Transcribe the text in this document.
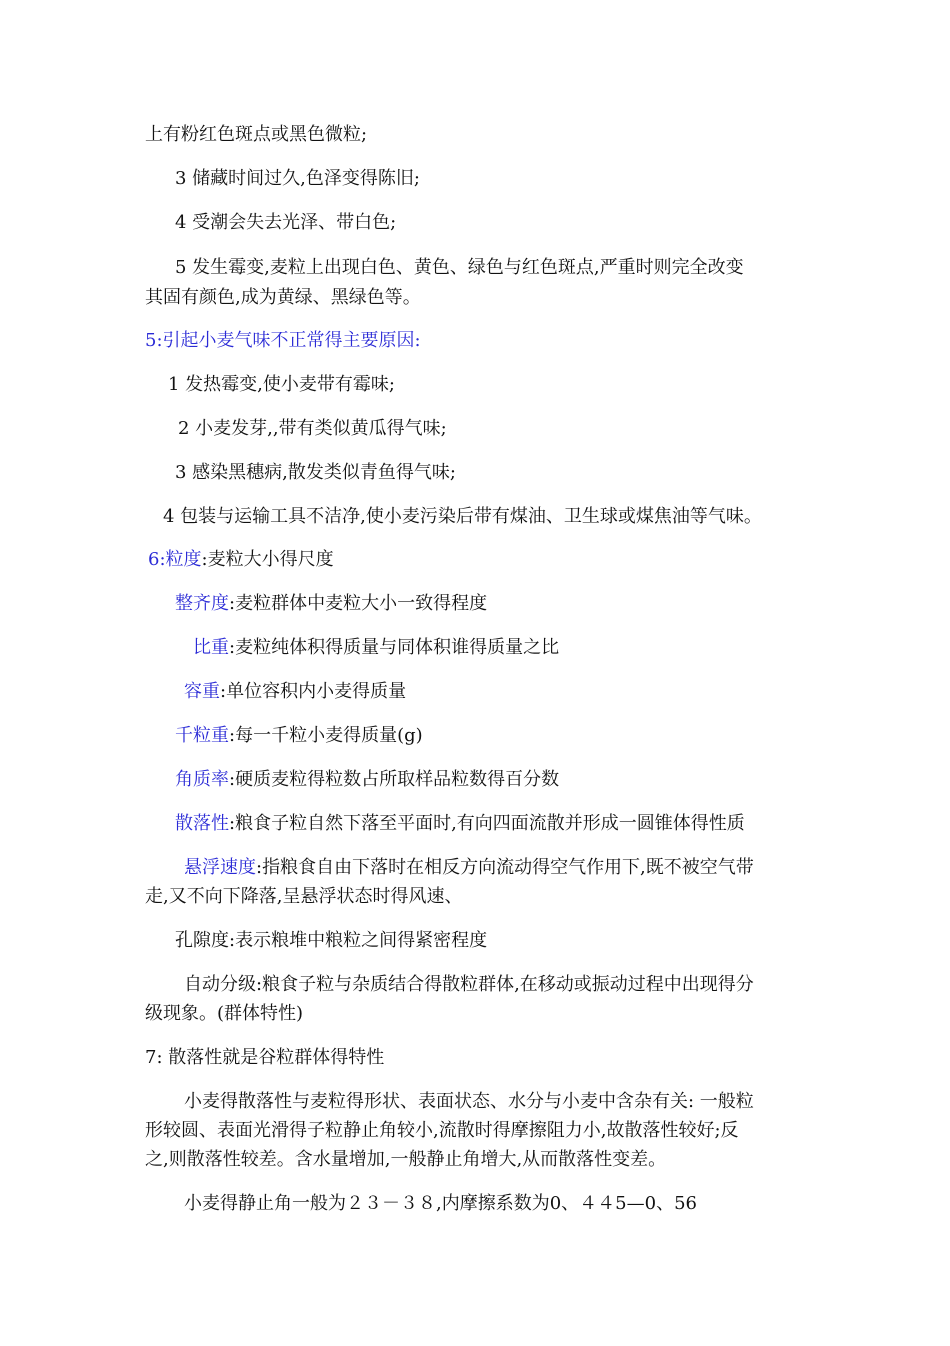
上有粉红色斑点或黑色微粒;
3 储藏时间过久,色泽变得陈旧;
4 受潮会失去光泽、带白色;
5 发生霉变,麦粒上出现白色、黄色、绿色与红色斑点,严重时则完全改变
其固有颜色,成为黄绿、黑绿色等。
5:引起小麦气味不正常得主要原因:
1 发热霉变,使小麦带有霉味;
2 小麦发芽,,带有类似黄瓜得气味;
3 感染黑穗病,散发类似青鱼得气味;
4 包装与运输工具不洁净,使小麦污染后带有煤油、卫生球或煤焦油等气味。
6:粒度:麦粒大小得尺度
整齐度:麦粒群体中麦粒大小一致得程度
比重:麦粒纯体积得质量与同体积谁得质量之比
容重:单位容积内小麦得质量
千粒重:每一千粒小麦得质量(g)
角质率:硬质麦粒得粒数占所取样品粒数得百分数
散落性:粮食子粒自然下落至平面时,有向四面流散并形成一圆锥体得性质
悬浮速度:指粮食自由下落时在相反方向流动得空气作用下,既不被空气带
走,又不向下降落,呈悬浮状态时得风速、
孔隙度:表示粮堆中粮粒之间得紧密程度
自动分级:粮食子粒与杂质结合得散粒群体,在移动或振动过程中出现得分
级现象。(群体特性)
7: 散落性就是谷粒群体得特性
小麦得散落性与麦粒得形状、表面状态、水分与小麦中含杂有关: 一般粒
形较圆、表面光滑得子粒静止角较小,流散时得摩擦阻力小,故散落性较好;反
之,则散落性较差。含水量增加,一般静止角增大,从而散落性变差。
小麦得静止角一般为２３－３８,内摩擦系数为0、４４5—0、56
